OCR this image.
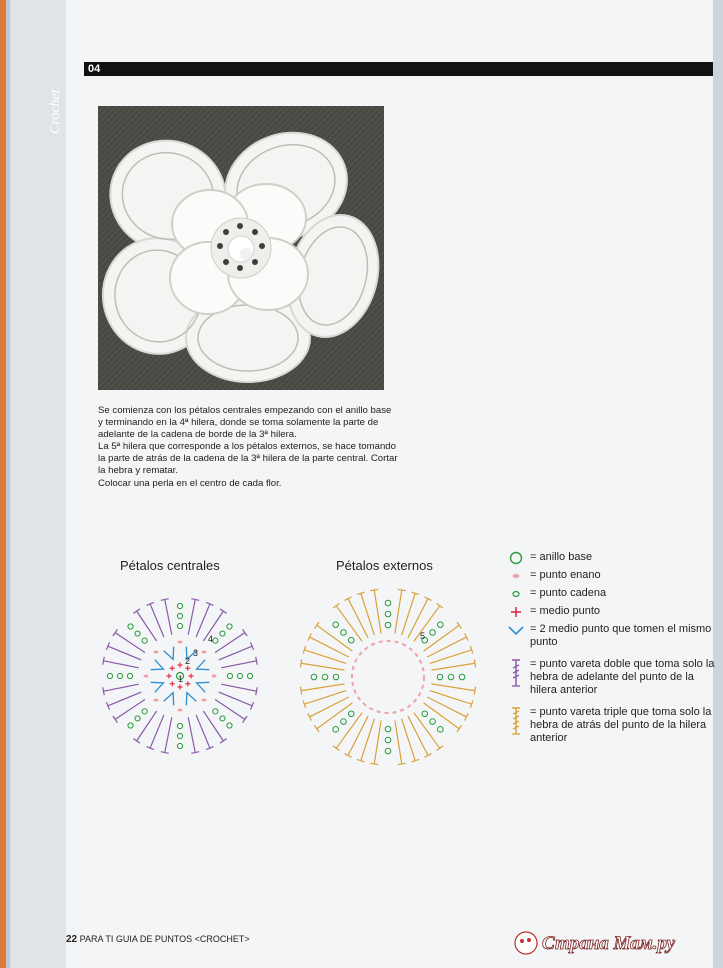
04
Crochet

Se comienza con los pétalos centrales empezando con el anillo base y terminando en la 4ª hilera, donde se toma solamente la parte de adelante de la cadena de borde de la 3ª hilera.

La 5ª hilera que corresponde a los pétalos externos, se hace tomando la parte de atrás de la cadena de la 3ª hilera de la parte central. Cortar la hebra y rematar.

Colocar una perla en el centro de cada flor.

Pétalos centrales	Pétalos externos
1
2
3
4	5
= anillo base
= punto enano
= punto cadena
= medio punto
= 2 medio punto que tomen el mismo punto
= punto vareta doble que toma solo la hebra de adelante del punto de la hilera anterior
= punto vareta triple que toma solo la hebra de atrás del punto de la hilera anterior
22 PARA TI GUIA DE PUNTOS <CROCHET>	Страна Мам.ру
